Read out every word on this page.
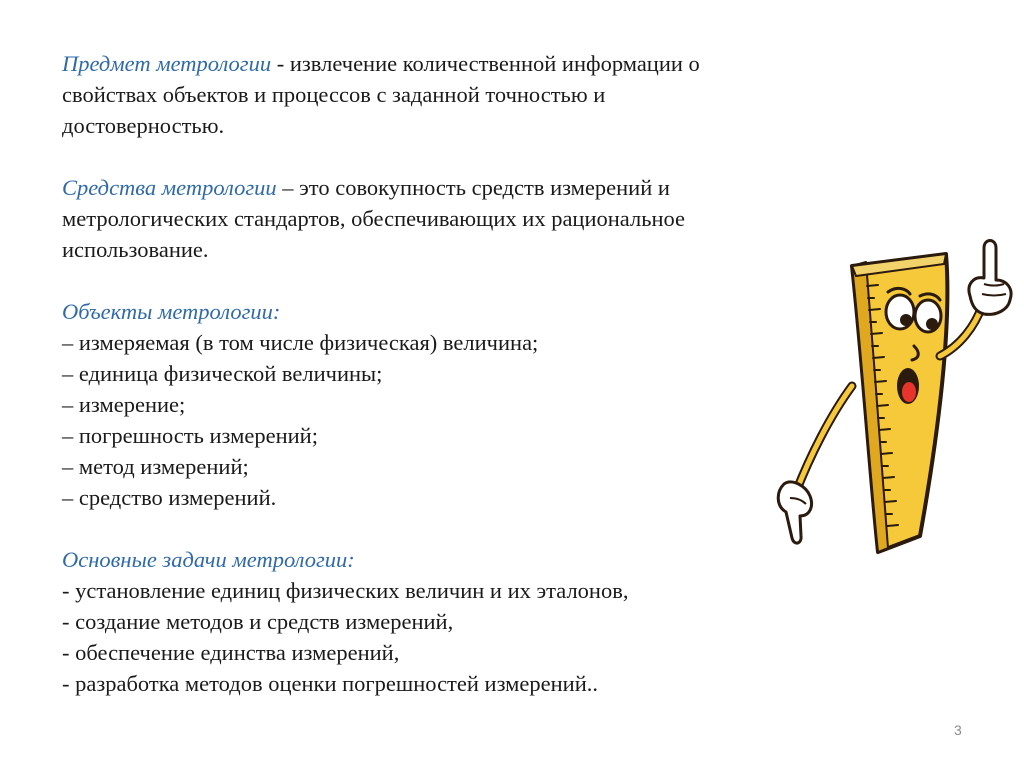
Предмет метрологии - извлечение количественной информации о
свойствах объектов и процессов с заданной точностью и
достоверностью.

Средства метрологии – это совокупность средств измерений и
метрологических стандартов, обеспечивающих их рациональное
использование.

Объекты метрологии:
– измеряемая (в том числе физическая) величина;
– единица физической величины;
– измерение;
– погрешность измерений;
– метод измерений;
– средство измерений.

Основные задачи метрологии:
- установление единиц физических величин и их эталонов,
- создание методов и средств измерений,
- обеспечение единства измерений,
- разработка методов оценки погрешностей измерений..

3
